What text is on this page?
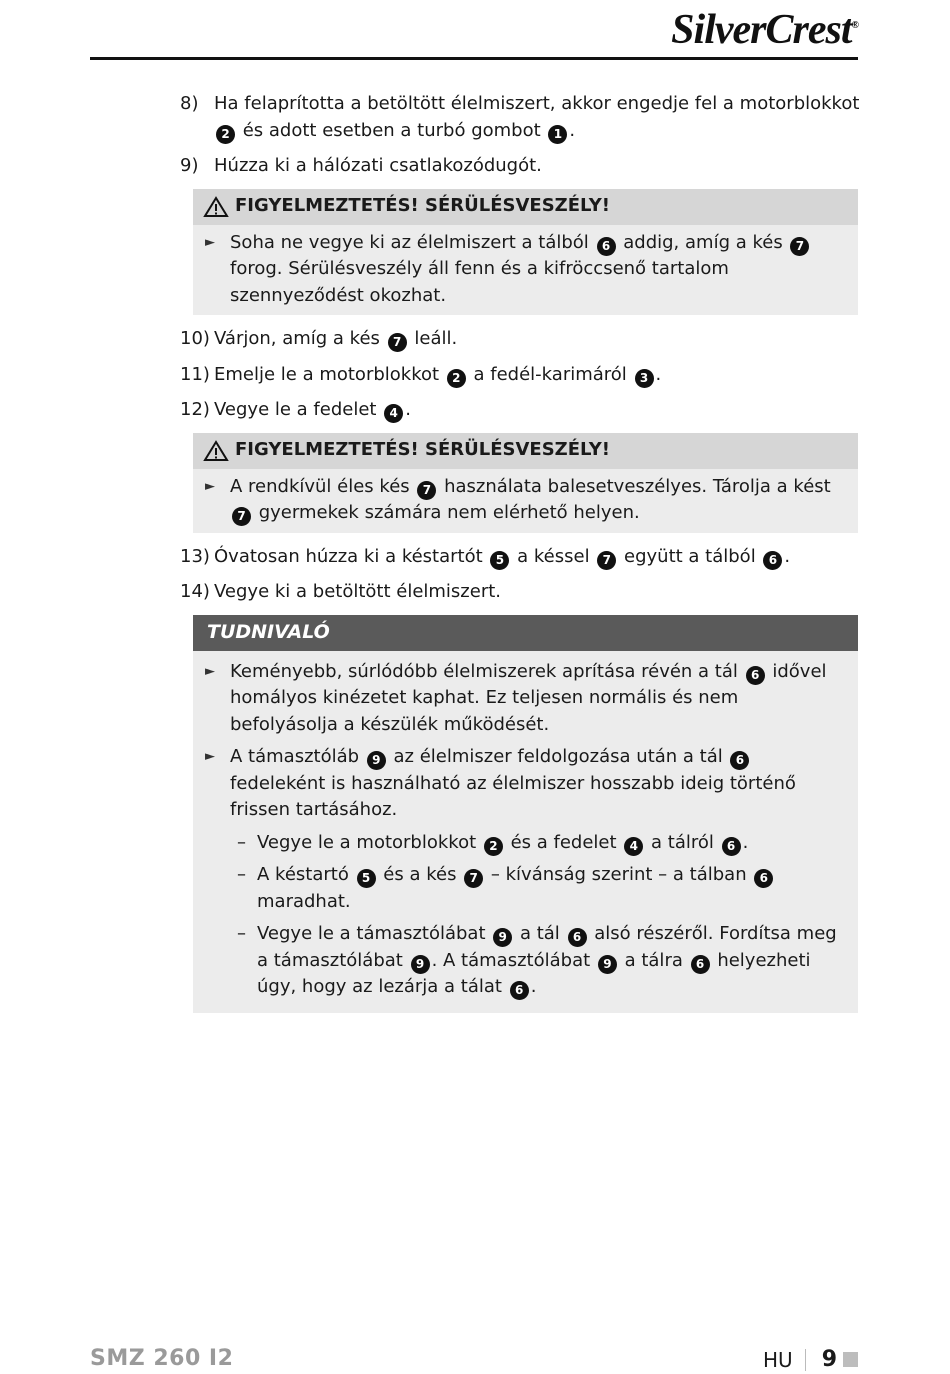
SilverCrest®
8) Ha felaprította a betöltött élelmiszert, akkor engedje fel a motorblokkot 2 és adott esetben a turbó gombot 1 .
9) Húzza ki a hálózati csatlakozódugót.
FIGYELMEZTETÉS! SÉRÜLÉSVESZÉLY!
► Soha ne vegye ki az élelmiszert a tálból 6 addig, amíg a kés 7 forog. Sérülésveszély áll fenn és a kifröccsenő tartalom szennyeződést okozhat.
10) Várjon, amíg a kés 7 leáll.
11) Emelje le a motorblokkot 2 a fedél-karimáról 3 .
12) Vegye le a fedelet 4 .
FIGYELMEZTETÉS! SÉRÜLÉSVESZÉLY!
► A rendkívül éles kés 7 használata balesetveszélyes. Tárolja a kést 7 gyermekek számára nem elérhető helyen.
13) Óvatosan húzza ki a késtartót 5 a késsel 7 együtt a tálból 6 .
14) Vegye ki a betöltött élelmiszert.
TUDNIVALÓ
► Keményebb, súrlódóbb élelmiszerek aprítása révén a tál 6 idővel homályos kinézetet kaphat. Ez teljesen normális és nem befolyásolja a készülék működését.
► A támasztóláb 9 az élelmiszer feldolgozása után a tál 6 fedeleként is használható az élelmiszer hosszabb ideig történő frissen tartásához.
– Vegye le a motorblokkot 2 és a fedelet 4 a tálról 6 .
– A késtartó 5 és a kés 7 – kívánság szerint – a tálban 6 maradhat.
– Vegye le a támasztólábat 9 a tál 6 alsó részéről. Fordítsa meg a támasztólábat 9 . A támasztólábat 9 a tálra 6 helyezheti úgy, hogy az lezárja a tálat 6 .
SMZ 260 I2	HU 9
